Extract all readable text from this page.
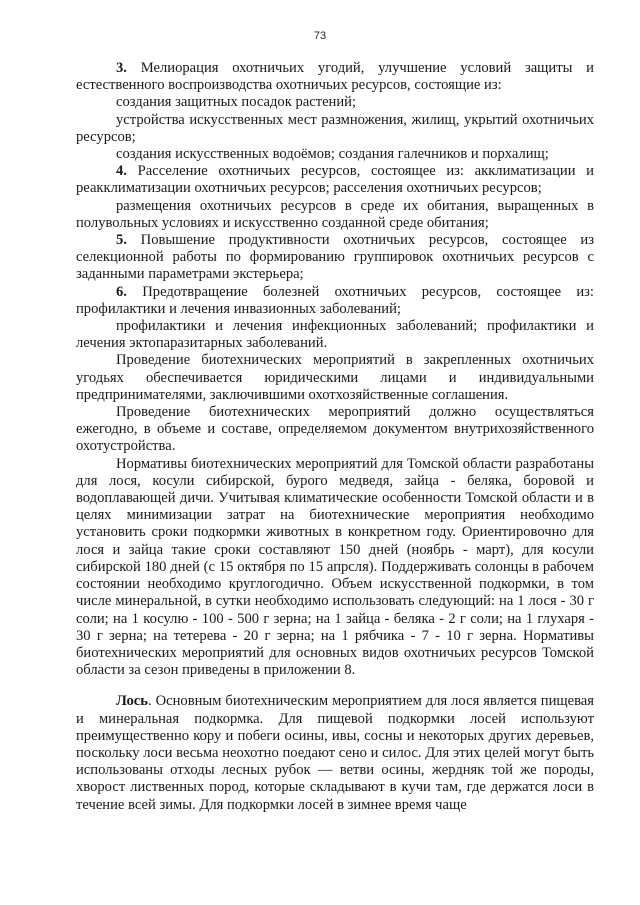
73

3. Мелиорация охотничьих угодий, улучшение условий защиты и естественного воспроизводства охотничьих ресурсов, состоящие из:

создания защитных посадок растений;

устройства искусственных мест размножения, жилищ, укрытий охотничьих ресурсов;

создания искусственных водоёмов; создания галечников и порхалищ;

4. Расселение охотничьих ресурсов, состоящее из: акклиматизации и реакклиматизации охотничьих ресурсов; расселения охотничьих ресурсов;

размещения охотничьих ресурсов в среде их обитания, выращенных в полувольных условиях и искусственно созданной среде обитания;

5. Повышение продуктивности охотничьих ресурсов, состоящее из селекционной работы по формированию группировок охотничьих ресурсов с заданными параметрами экстерьера;

6. Предотвращение болезней охотничьих ресурсов, состоящее из: профилактики и лечения инвазионных заболеваний;

профилактики и лечения инфекционных заболеваний; профилактики и лечения эктопаразитарных заболеваний.

Проведение биотехнических мероприятий в закрепленных охотничьих угодьях обеспечивается юридическими лицами и индивидуальными предпринимателями, заключившими охотхозяйственные соглашения.

Проведение биотехнических мероприятий должно осуществляться ежегодно, в объеме и составе, определяемом документом внутрихозяйственного охотустройства.

Нормативы биотехнических мероприятий для Томской области разработаны для лося, косули сибирской, бурого медведя, зайца - беляка, боровой и водоплавающей дичи. Учитывая климатические особенности Томской области и в целях минимизации затрат на биотехнические мероприятия необходимо установить сроки подкормки животных в конкретном году. Ориентировочно для лося и зайца такие сроки составляют 150 дней (ноябрь - март), для косули сибирской 180 дней (с 15 октября по 15 апрсля). Поддерживать солонцы в рабочем состоянии необходимо круглогодично. Объем искусственной подкормки, в том числе минеральной, в сутки необходимо использовать следующий: на 1 лося - 30 г соли; на 1 косулю - 100 - 500 г зерна; на 1 зайца - беляка - 2 г соли; на 1 глухаря - 30 г зерна; на тетерева - 20 г зерна; на 1 рябчика - 7 - 10 г зерна. Нормативы биотехнических мероприятий для основных видов охотничьих ресурсов Томской области за сезон приведены в приложении 8.

Лось. Основным биотехническим мероприятием для лося является пищевая и минеральная подкормка. Для пищевой подкормки лосей используют преимущественно кору и побеги осины, ивы, сосны и некоторых других деревьев, поскольку лоси весьма неохотно поедают сено и силос. Для этих целей могут быть использованы отходы лесных рубок — ветви осины, жердняк той же породы, хворост лиственных пород, которые складывают в кучи там, где держатся лоси в течение всей зимы. Для подкормки лосей в зимнее время чаще
